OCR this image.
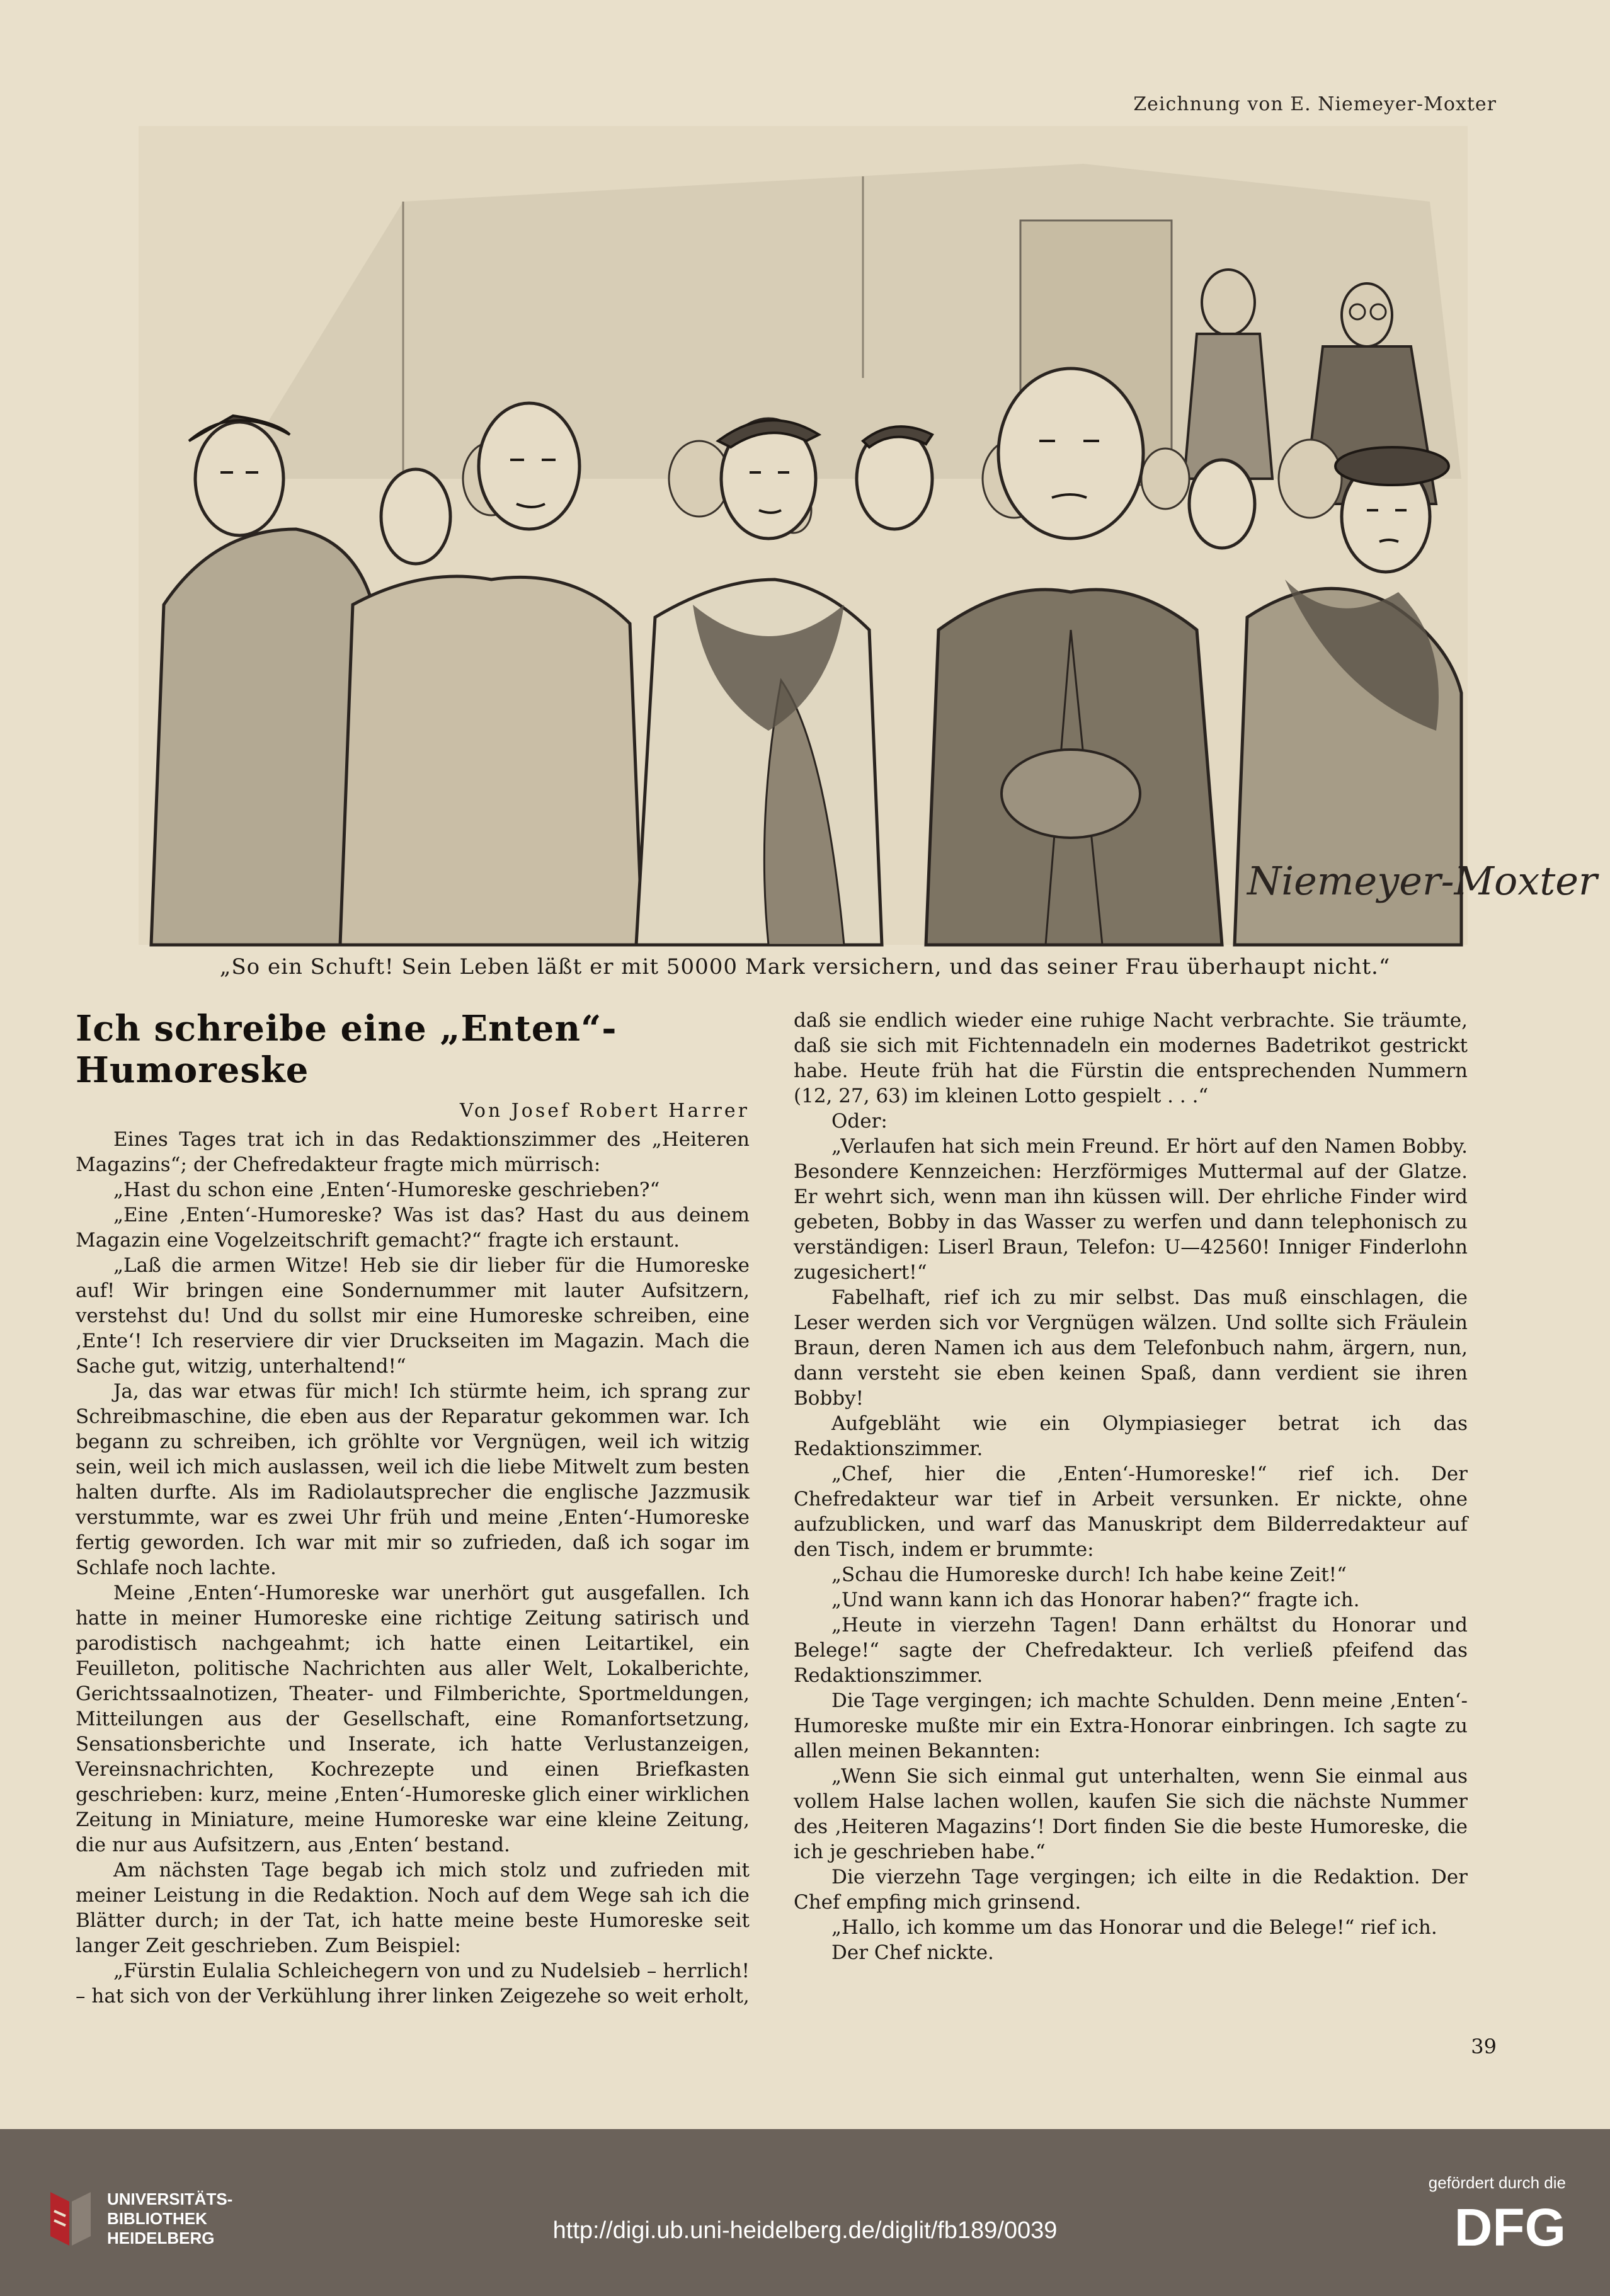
Zeichnung von E. Niemeyer-Moxter
Niemeyer-Moxter
„So ein Schuft! Sein Leben läßt er mit 50000 Mark versichern, und das seiner Frau überhaupt nicht.“
Ich schreibe eine „Enten“-Humoreske
Von Josef Robert Harrer

Eines Tages trat ich in das Redaktionszimmer des „Heiteren Magazins“; der Chefredakteur fragte mich mürrisch:

„Hast du schon eine ‚Enten‘-Humoreske geschrieben?“

„Eine ‚Enten‘-Humoreske? Was ist das? Hast du aus deinem Magazin eine Vogelzeitschrift gemacht?“ fragte ich erstaunt.

„Laß die armen Witze! Heb sie dir lieber für die Humoreske auf! Wir bringen eine Sondernummer mit lauter Aufsitzern, verstehst du! Und du sollst mir eine Humoreske schreiben, eine ‚Ente‘! Ich reserviere dir vier Druckseiten im Magazin. Mach die Sache gut, witzig, unterhaltend!“

Ja, das war etwas für mich! Ich stürmte heim, ich sprang zur Schreibmaschine, die eben aus der Reparatur gekommen war. Ich begann zu schreiben, ich gröhlte vor Vergnügen, weil ich witzig sein, weil ich mich auslassen, weil ich die liebe Mitwelt zum besten halten durfte. Als im Radiolautsprecher die englische Jazzmusik verstummte, war es zwei Uhr früh und meine ‚Enten‘-Humoreske fertig geworden. Ich war mit mir so zufrieden, daß ich sogar im Schlafe noch lachte.

Meine ‚Enten‘-Humoreske war unerhört gut ausgefallen. Ich hatte in meiner Humoreske eine richtige Zeitung satirisch und parodistisch nachgeahmt; ich hatte einen Leitartikel, ein Feuilleton, politische Nachrichten aus aller Welt, Lokalberichte, Gerichtssaalnotizen, Theater- und Filmberichte, Sportmeldungen, Mitteilungen aus der Gesellschaft, eine Romanfortsetzung, Sensationsberichte und Inserate, ich hatte Verlustanzeigen, Vereinsnachrichten, Kochrezepte und einen Briefkasten geschrieben: kurz, meine ‚Enten‘-Humoreske glich einer wirklichen Zeitung in Miniature, meine Humoreske war eine kleine Zeitung, die nur aus Aufsitzern, aus ‚Enten‘ bestand.

Am nächsten Tage begab ich mich stolz und zufrieden mit meiner Leistung in die Redaktion. Noch auf dem Wege sah ich die Blätter durch; in der Tat, ich hatte meine beste Humoreske seit langer Zeit geschrieben. Zum Beispiel:

„Fürstin Eulalia Schleichegern von und zu Nudelsieb – herrlich! – hat sich von der Verkühlung ihrer linken Zeigezehe so weit erholt,

daß sie endlich wieder eine ruhige Nacht verbrachte. Sie träumte, daß sie sich mit Fichtennadeln ein modernes Badetrikot gestrickt habe. Heute früh hat die Fürstin die entsprechenden Nummern (12, 27, 63) im kleinen Lotto gespielt . . .“

Oder:

„Verlaufen hat sich mein Freund. Er hört auf den Namen Bobby. Besondere Kennzeichen: Herzförmiges Muttermal auf der Glatze. Er wehrt sich, wenn man ihn küssen will. Der ehrliche Finder wird gebeten, Bobby in das Wasser zu werfen und dann telephonisch zu verständigen: Liserl Braun, Telefon: U—42560! Inniger Finderlohn zugesichert!“

Fabelhaft, rief ich zu mir selbst. Das muß einschlagen, die Leser werden sich vor Vergnügen wälzen. Und sollte sich Fräulein Braun, deren Namen ich aus dem Telefonbuch nahm, ärgern, nun, dann versteht sie eben keinen Spaß, dann verdient sie ihren Bobby!

Aufgebläht wie ein Olympiasieger betrat ich das Redaktionszimmer.

„Chef, hier die ‚Enten‘-Humoreske!“ rief ich. Der Chefredakteur war tief in Arbeit versunken. Er nickte, ohne aufzublicken, und warf das Manuskript dem Bilderredakteur auf den Tisch, indem er brummte:

„Schau die Humoreske durch! Ich habe keine Zeit!“

„Und wann kann ich das Honorar haben?“ fragte ich.

„Heute in vierzehn Tagen! Dann erhältst du Honorar und Belege!“ sagte der Chefredakteur. Ich verließ pfeifend das Redaktionszimmer.

Die Tage vergingen; ich machte Schulden. Denn meine ‚Enten‘-Humoreske mußte mir ein Extra-Honorar einbringen. Ich sagte zu allen meinen Bekannten:

„Wenn Sie sich einmal gut unterhalten, wenn Sie einmal aus vollem Halse lachen wollen, kaufen Sie sich die nächste Nummer des ‚Heiteren Magazins‘! Dort finden Sie die beste Humoreske, die ich je geschrieben habe.“

Die vierzehn Tage vergingen; ich eilte in die Redaktion. Der Chef empfing mich grinsend.

„Hallo, ich komme um das Honorar und die Belege!“ rief ich.

Der Chef nickte.

39
UNIVERSITÄTS-
BIBLIOTHEK
HEIDELBERG	http://digi.ub.uni-heidelberg.de/diglit/fb189/0039
gefördert durch die
DFG
